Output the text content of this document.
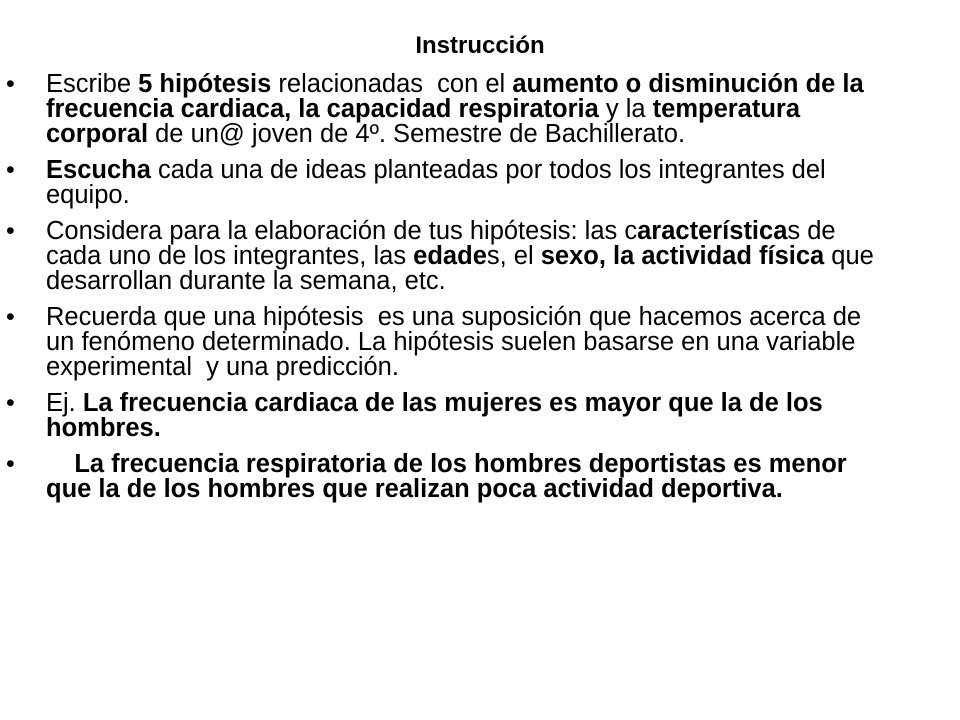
Instrucción
• Escribe 5 hipótesis relacionadas  con el aumento o disminución de la frecuencia cardiaca, la capacidad respiratoria y la temperatura corporal de un@ joven de 4º. Semestre de Bachillerato.
• Escucha cada una de ideas planteadas por todos los integrantes del equipo.
• Considera para la elaboración de tus hipótesis: las características de cada uno de los integrantes, las edades, el sexo, la actividad física que desarrollan durante la semana, etc.
• Recuerda que una hipótesis  es una suposición que hacemos acerca de un fenómeno determinado. La hipótesis suelen basarse en una variable experimental  y una predicción.
• Ej. La frecuencia cardiaca de las mujeres es mayor que la de los hombres.
• La frecuencia respiratoria de los hombres deportistas es menor que la de los hombres que realizan poca actividad deportiva.
